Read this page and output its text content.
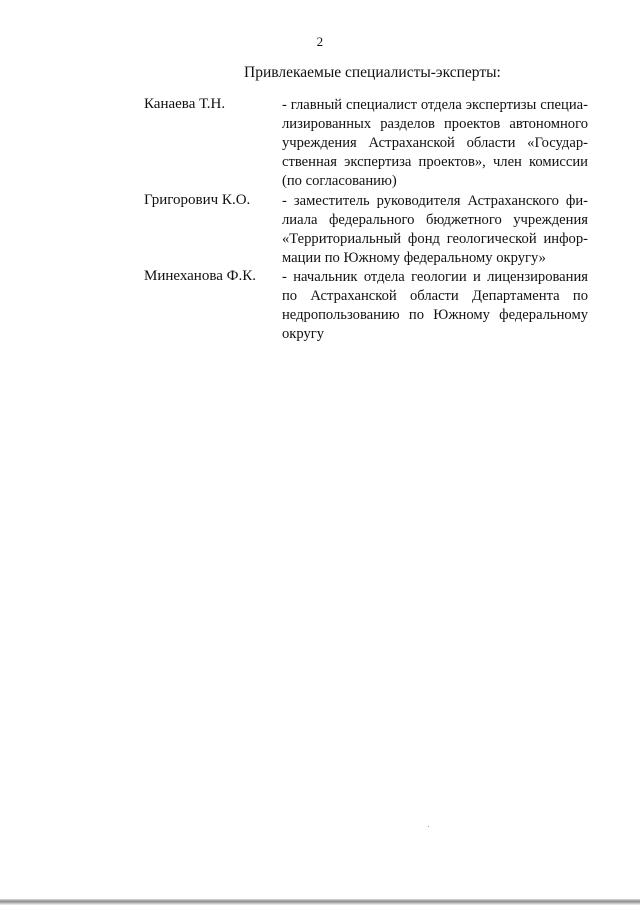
2
Привлекаемые специалисты-эксперты:
Канаева Т.Н.	- главный специалист отдела экспертизы специа-
лизированных разделов проектов автономного
учреждения Астраханской области «Государ-
ственная экспертиза проектов», член комиссии
(по согласованию)
Григорович К.О. - заместитель руководителя Астраханского фи-
лиала федерального бюджетного учреждения
«Территориальный фонд геологической инфор-
мации по Южному федеральному округу»
Минеханова Ф.К. - начальник отдела геологии и лицензирования
по Астраханской области Департамента по
недропользованию по Южному федеральному
округу
